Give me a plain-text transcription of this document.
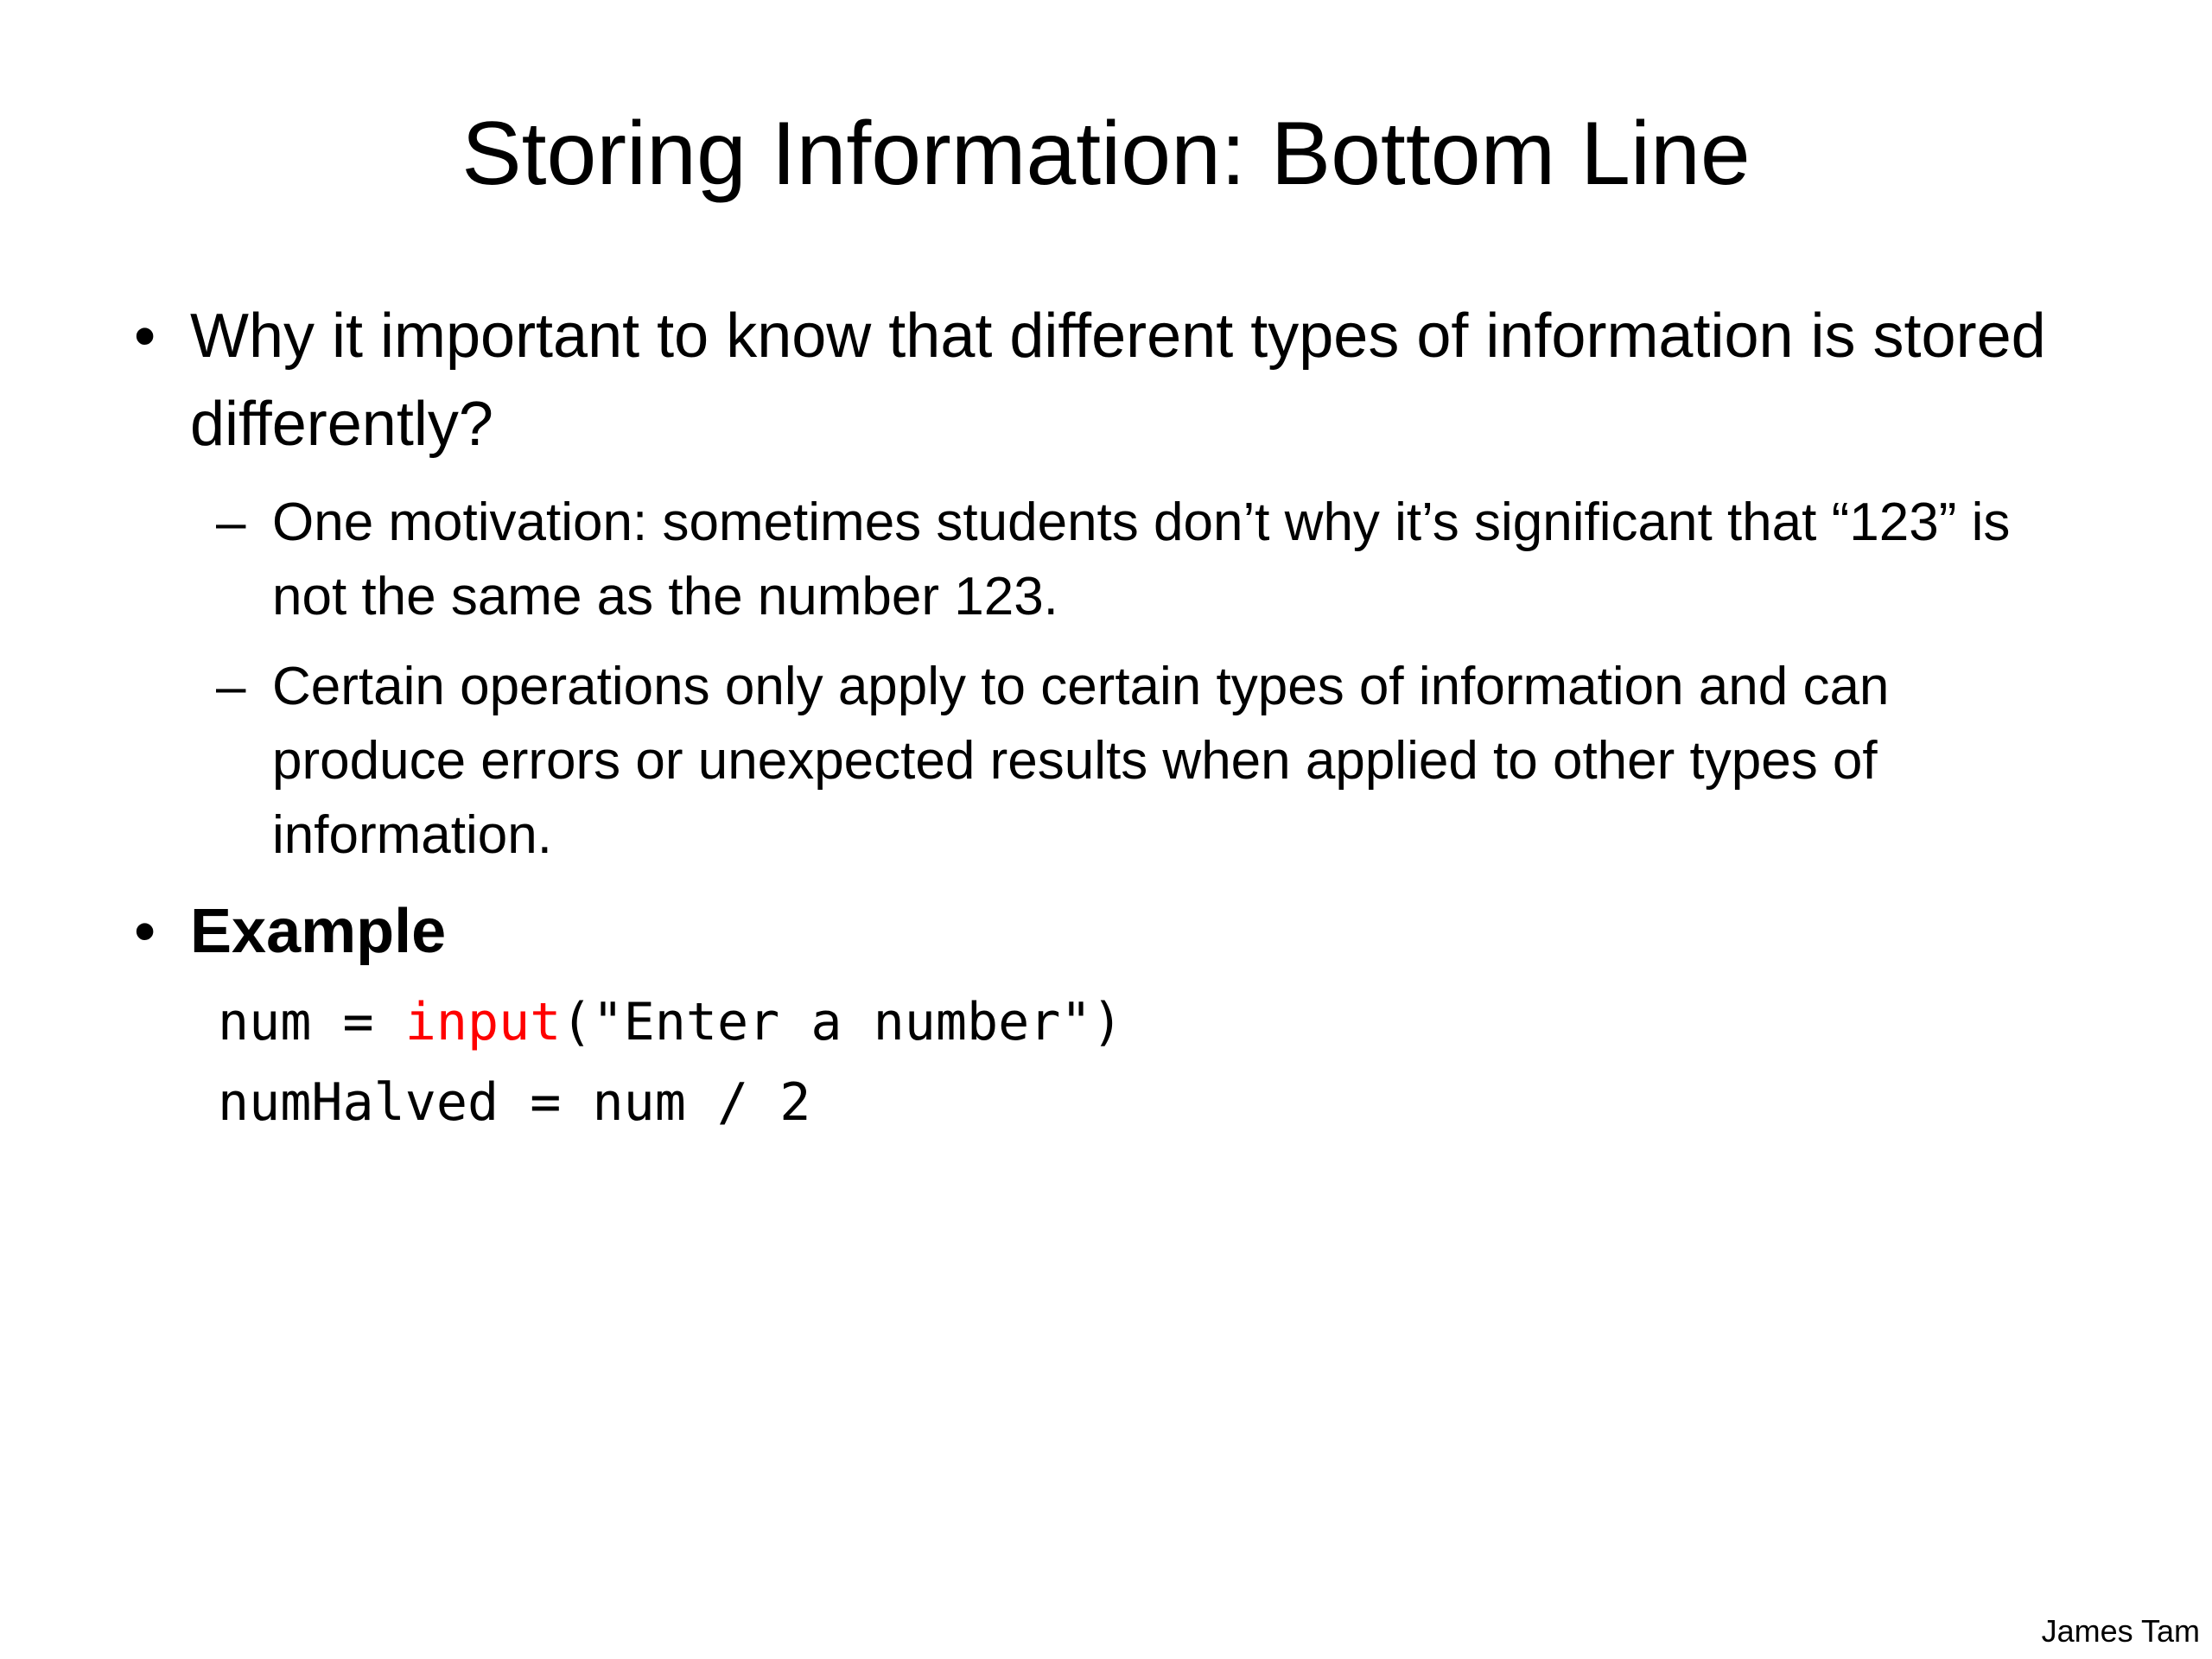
Storing Information: Bottom Line
• Why it important to know that different types of information is stored differently?
– One motivation: sometimes students don’t why it’s significant that “123” is not the same as the number 123.
– Certain operations only apply to certain types of information and can produce errors or unexpected results when applied to other types of information.
• Example
num = input("Enter a number")
numHalved = num / 2
James Tam
